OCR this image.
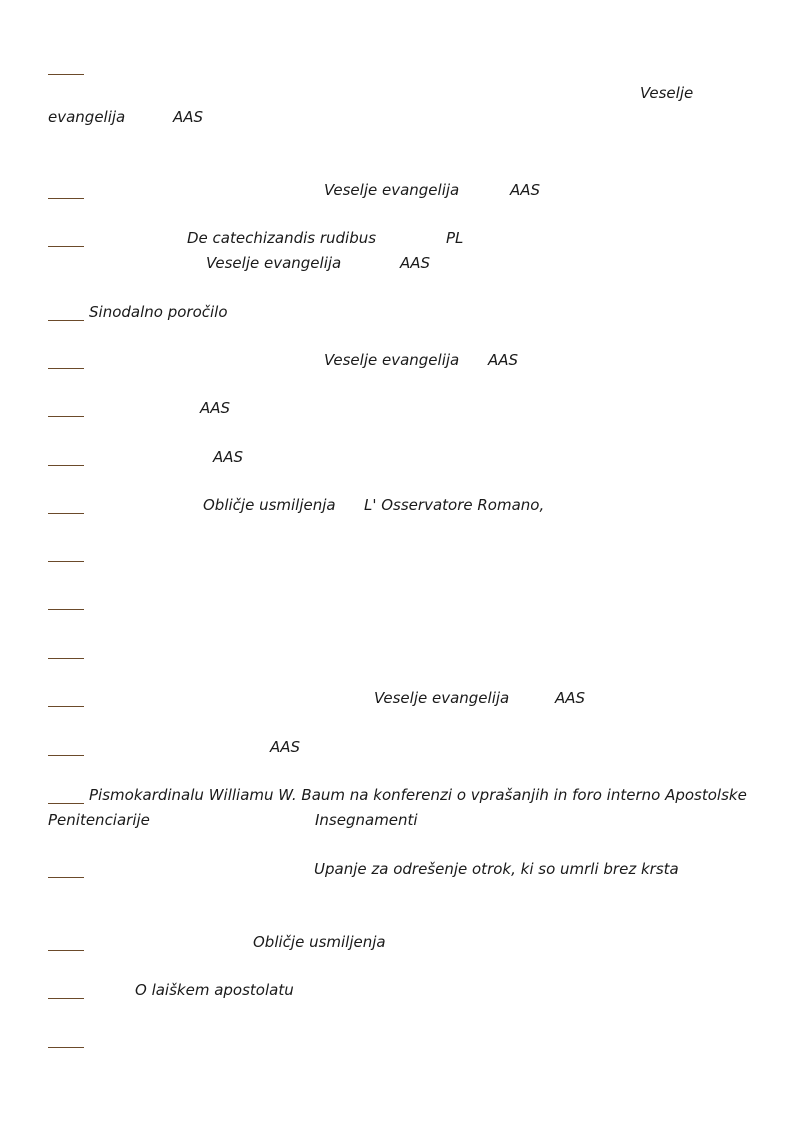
Veselje
evangelija	AAS
Veselje evangelija	AAS
De catechizandis rudibus	PL
Veselje evangelija	AAS
Sinodalno poročilo
Veselje evangelija AAS
AAS
AAS
Obličje usmiljenja L' Osservatore Romano,
Veselje evangelija	AAS
AAS
Pismokardinalu Williamu W. Baum na konferenzi o vprašanjih in foro interno Apostolske
Penitenciarije	Insegnamenti
Upanje za odrešenje otrok, ki so umrli brez krsta
Obličje usmiljenja
O laiškem apostolatu
